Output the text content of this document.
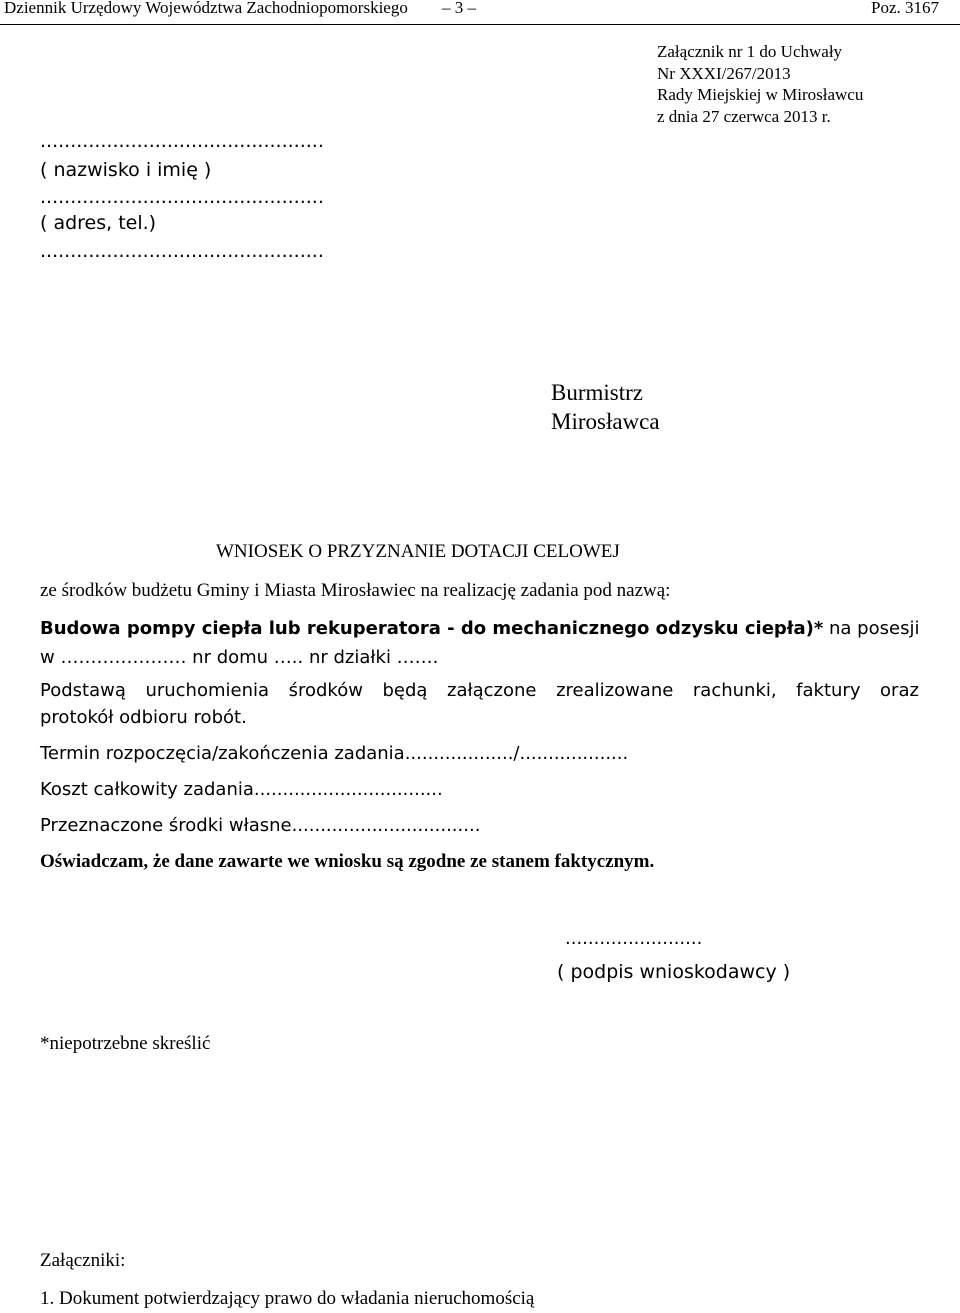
Dziennik Urzędowy Województwa Zachodniopomorskiego – 3 –	Poz. 3167
Załącznik nr 1 do Uchwały
Nr XXXI/267/2013
Rady Miejskiej w Mirosławcu
z dnia 27 czerwca 2013 r.
...............................................
( nazwisko i imię )
...............................................
( adres, tel.)
...............................................
Burmistrz
Mirosławca
WNIOSEK O PRZYZNANIE DOTACJI CELOWEJ
ze środków budżetu Gminy i Miasta Mirosławiec na realizację zadania pod nazwą:
Budowa pompy ciepła lub rekuperatora - do mechanicznego odzysku ciepła)* na posesji
w ………………… nr domu ….. nr działki …….
Podstawą uruchomienia środków będą załączone zrealizowane rachunki, faktury oraz
protokół odbioru robót.
Termin rozpoczęcia/zakończenia zadania.................../...................
Koszt całkowity zadania.................................
Przeznaczone środki własne.................................
Oświadczam, że dane zawarte we wniosku są zgodne ze stanem faktycznym.
........................
( podpis wnioskodawcy )
*niepotrzebne skreślić
Załączniki:
1. Dokument potwierdzający prawo do władania nieruchomością
